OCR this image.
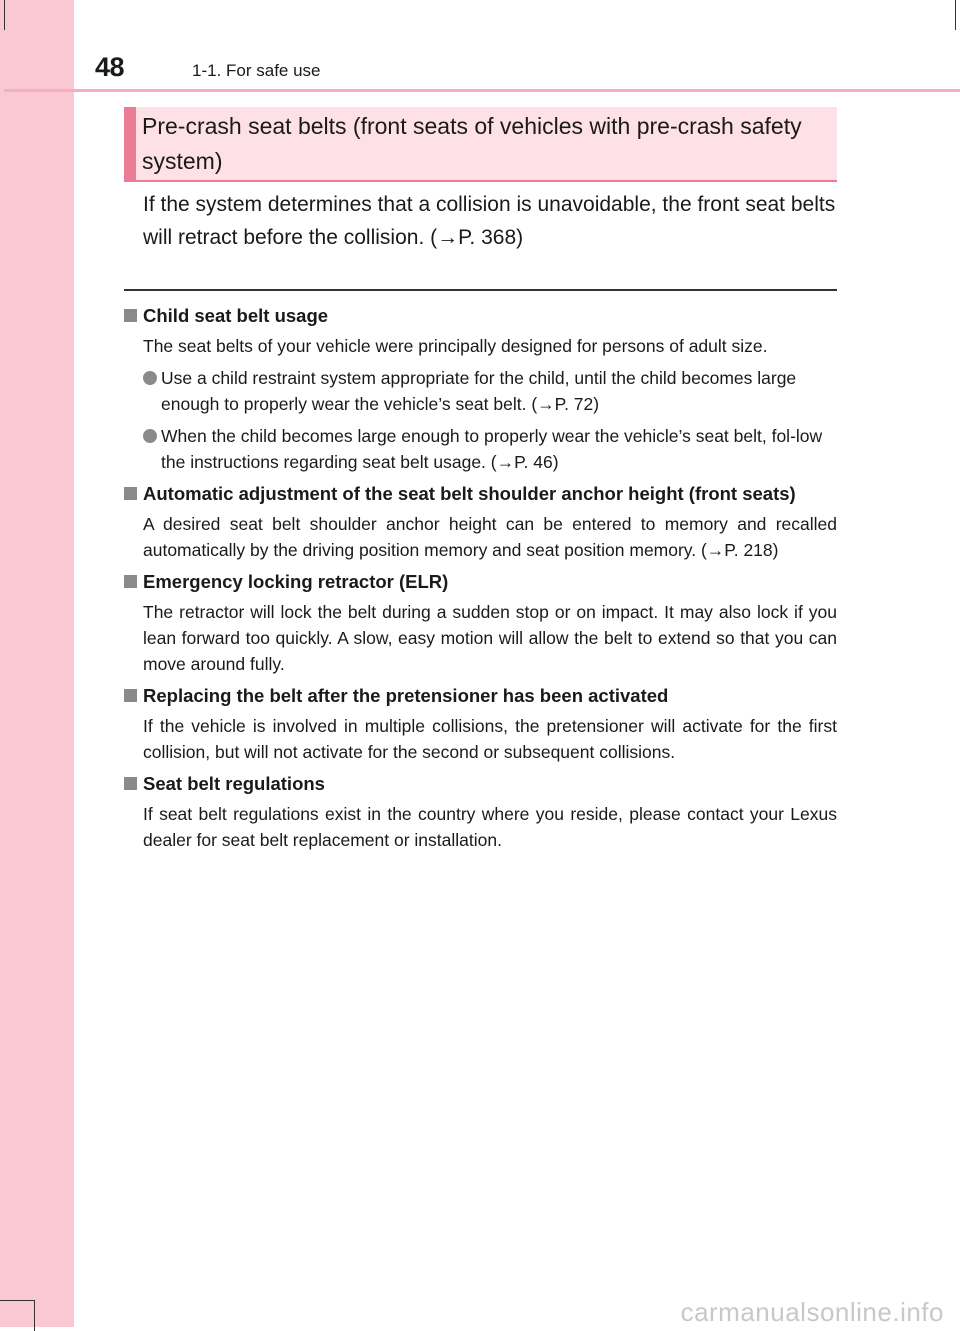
48	1-1. For safe use
Pre-crash seat belts (front seats of vehicles with pre-crash safety
system)
If the system determines that a collision is unavoidable, the front seat belts
will retract before the collision. (→P. 368)
Child seat belt usage
The seat belts of your vehicle were principally designed for persons of adult size.
Use a child restraint system appropriate for the child, until the child becomes large enough to properly wear the vehicle’s seat belt. (→P. 72)
When the child becomes large enough to properly wear the vehicle’s seat belt, fol-low the instructions regarding seat belt usage. (→P. 46)
Automatic adjustment of the seat belt shoulder anchor height (front seats)
A desired seat belt shoulder anchor height can be entered to memory and recalled automatically by the driving position memory and seat position memory. (→P. 218)
Emergency locking retractor (ELR)
The retractor will lock the belt during a sudden stop or on impact. It may also lock if you lean forward too quickly. A slow, easy motion will allow the belt to extend so that you can move around fully.
Replacing the belt after the pretensioner has been activated
If the vehicle is involved in multiple collisions, the pretensioner will activate for the first collision, but will not activate for the second or subsequent collisions.
Seat belt regulations
If seat belt regulations exist in the country where you reside, please contact your Lexus dealer for seat belt replacement or installation.
carmanualsonline.info
